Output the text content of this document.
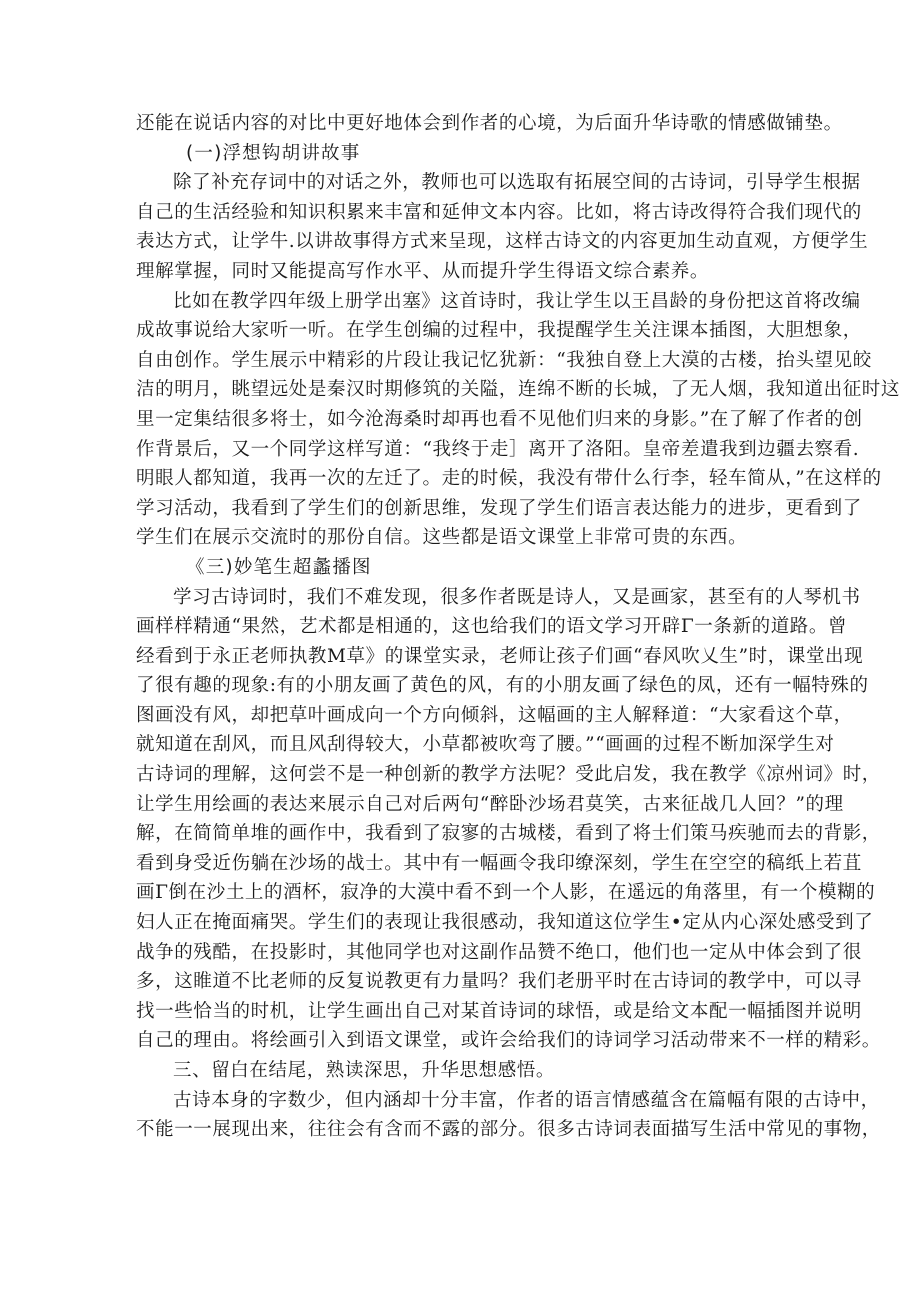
还能在说话内容的对比中更好地体会到作者的心境，为后面升华诗歌的情感做铺垫。
(一)浮想钩胡讲故事
除了补充存词中的对话之外，教师也可以选取有拓展空间的古诗词，引导学生根据
自己的生活经验和知识积累来丰富和延伸文本内容。比如，将古诗改得符合我们现代的
表达方式，让学牛.以讲故事得方式来呈现，这样古诗文的内容更加生动直观，方便学生
理解掌握，同时又能提高写作水平、从而提升学生得语文综合素养。
比如在教学四年级上册学出塞》这首诗时，我让学生以王昌龄的身份把这首将改编
成故事说给大家听一听。在学生创编的过程中，我提醒学生关注课本插图，大胆想象，
自由创作。学生展示中精彩的片段让我记忆犹新：“我独自登上大漠的古楼，抬头望见皎
洁的明月，眺望远处是秦汉时期修筑的关隘，连绵不断的长城，了无人烟，我知道出征时这
里一定集结很多将士，如今沧海桑时却再也看不见他们归来的身影。”在了解了作者的创
作背景后，又一个同学这样写道：“我终于走］离开了洛阳。皇帝差遣我到边疆去察看.
明眼人都知道，我再一次的左迁了。走的时候，我没有带什么行李，轻车简从，”在这样的
学习活动，我看到了学生们的创新思维，发现了学生们语言表达能力的进步，更看到了
学生们在展示交流时的那份自信。这些都是语文课堂上非常可贵的东西。
《三)妙笔生超蠡播图
学习古诗词时，我们不难发现，很多作者既是诗人，又是画家，甚至有的人琴机书
画样样精通“果然，艺术都是相通的，这也给我们的语文学习开辟Γ一条新的道路。曾
经看到于永正老师执教M草》的课堂实录，老师让孩子们画“春风吹乂生”时，课堂出现
了很有趣的现象:有的小朋友画了黄色的风，有的小朋友画了绿色的凤，还有一幅特殊的
图画没有风，却把草叶画成向一个方向倾斜，这幅画的主人解释道：“大家看这个草，
就知道在刮风，而且风刮得较大，小草都被吹弯了腰。”“画画的过程不断加深学生对
古诗词的理解，这何尝不是一种创新的教学方法呢？受此启发，我在教学《凉州词》时，
让学生用绘画的表达来展示自己对后两句“醉卧沙场君莫笑，古来征战几人回？”的理
解，在简简单堆的画作中，我看到了寂寥的古城楼，看到了将士们策马疾驰而去的背影，
看到身受近伤躺在沙场的战士。其中有一幅画令我印缭深刻，学生在空空的稿纸上若苴
画Γ倒在沙土上的酒杯，寂净的大漠中看不到一个人影，在遥远的角落里，有一个模糊的
妇人正在掩面痛哭。学生们的表现让我很感动，我知道这位学生•定从内心深处感受到了
战争的残酷，在投影时，其他同学也对这副作品赞不绝口，他们也一定从中体会到了很
多，这睢道不比老师的反复说教更有力量吗？我们老册平时在古诗词的教学中，可以寻
找一些恰当的时机，让学生画出自己对某首诗词的球悟，或是给文本配一幅插图并说明
自己的理由。将绘画引入到语文课堂，或许会给我们的诗词学习活动带来不一样的精彩。
三、留白在结尾，熟读深思，升华思想感悟。
古诗本身的字数少，但内涵却十分丰富，作者的语言情感蕴含在篇幅有限的古诗中，
不能一一展现出来，往往会有含而不露的部分。很多古诗词表面描写生活中常见的事物，
